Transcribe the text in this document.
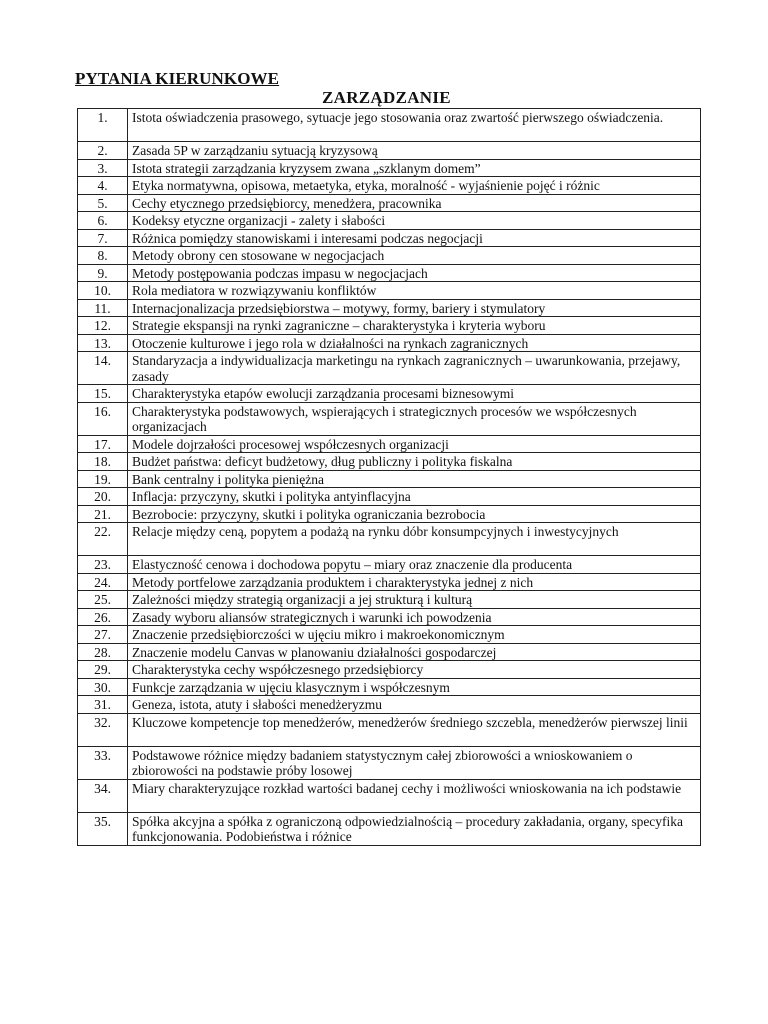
PYTANIA KIERUNKOWE
ZARZĄDZANIE
1.	Istota oświadczenia prasowego, sytuacje jego stosowania oraz zwartość pierwszego oświadczenia.
2.	Zasada 5P w zarządzaniu sytuacją kryzysową
3.	Istota strategii zarządzania kryzysem zwana „szklanym domem”
4.	Etyka normatywna, opisowa, metaetyka, etyka, moralność - wyjaśnienie pojęć i różnic
5.	Cechy etycznego przedsiębiorcy, menedżera, pracownika
6.	Kodeksy etyczne organizacji - zalety i słabości
7.	Różnica pomiędzy stanowiskami i interesami podczas negocjacji
8.	Metody obrony cen stosowane w negocjacjach
9.	Metody postępowania podczas impasu w negocjacjach
10.	Rola mediatora w rozwiązywaniu konfliktów
11.	Internacjonalizacja przedsiębiorstwa – motywy, formy, bariery i stymulatory
12.	Strategie ekspansji na rynki zagraniczne – charakterystyka i kryteria wyboru
13.	Otoczenie kulturowe i jego rola w działalności na rynkach zagranicznych
14.	Standaryzacja a indywidualizacja marketingu na rynkach zagranicznych – uwarunkowania, przejawy, zasady
15.	Charakterystyka etapów ewolucji zarządzania procesami biznesowymi
16.	Charakterystyka podstawowych, wspierających i strategicznych procesów we współczesnych organizacjach
17.	Modele dojrzałości procesowej współczesnych organizacji
18.	Budżet państwa: deficyt budżetowy, dług publiczny i polityka fiskalna
19.	Bank centralny i polityka pieniężna
20.	Inflacja: przyczyny, skutki i polityka antyinflacyjna
21.	Bezrobocie: przyczyny, skutki i polityka ograniczania bezrobocia
22.	Relacje między ceną, popytem a podażą na rynku dóbr konsumpcyjnych i inwestycyjnych
23.	Elastyczność cenowa i dochodowa popytu – miary oraz znaczenie dla producenta
24.	Metody portfelowe zarządzania produktem i charakterystyka jednej z nich
25.	Zależności między strategią organizacji a jej strukturą i kulturą
26.	Zasady wyboru aliansów strategicznych i warunki ich powodzenia
27.	Znaczenie przedsiębiorczości w ujęciu mikro i makroekonomicznym
28.	Znaczenie modelu Canvas w planowaniu działalności gospodarczej
29.	Charakterystyka cechy współczesnego przedsiębiorcy
30.	Funkcje zarządzania w ujęciu klasycznym i współczesnym
31.	Geneza, istota, atuty i słabości menedżeryzmu
32.	Kluczowe kompetencje top menedżerów, menedżerów średniego szczebla, menedżerów pierwszej linii
33.	Podstawowe różnice między badaniem statystycznym całej zbiorowości a wnioskowaniem o zbiorowości na podstawie próby losowej
34.	Miary charakteryzujące rozkład wartości badanej cechy i możliwości wnioskowania na ich podstawie
35.	Spółka akcyjna a spółka z ograniczoną odpowiedzialnością – procedury zakładania, organy, specyfika funkcjonowania. Podobieństwa i różnice
